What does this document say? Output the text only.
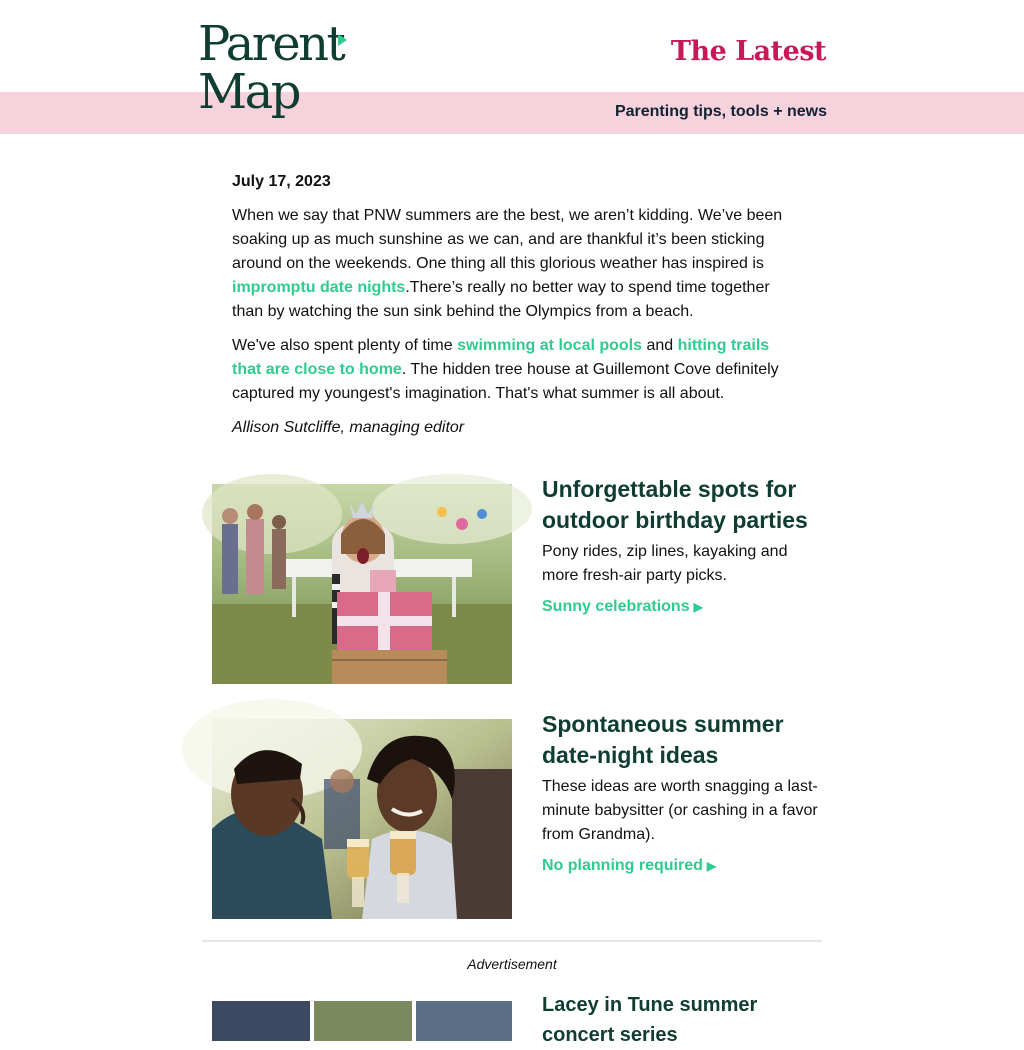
Parent
Map
The Latest
Parenting tips, tools + news
July 17, 2023

When we say that PNW summers are the best, we aren’t kidding. We’ve been soaking up as much sunshine as we can, and are thankful it’s been sticking around on the weekends. One thing all this glorious weather has inspired is impromptu date nights.There’s really no better way to spend time together than by watching the sun sink behind the Olympics from a beach.

We've also spent plenty of time swimming at local pools and hitting trails that are close to home. The hidden tree house at Guillemont Cove definitely captured my youngest's imagination. That's what summer is all about.

Allison Sutcliffe, managing editor

Unforgettable spots for outdoor birthday parties
Pony rides, zip lines, kayaking and more fresh-air party picks.
Sunny celebrations ▶
Spontaneous summer date-night ideas
These ideas are worth snagging a last-minute babysitter (or cashing in a favor from Grandma).
No planning required ▶
Advertisement
Lacey in Tune summer concert series
